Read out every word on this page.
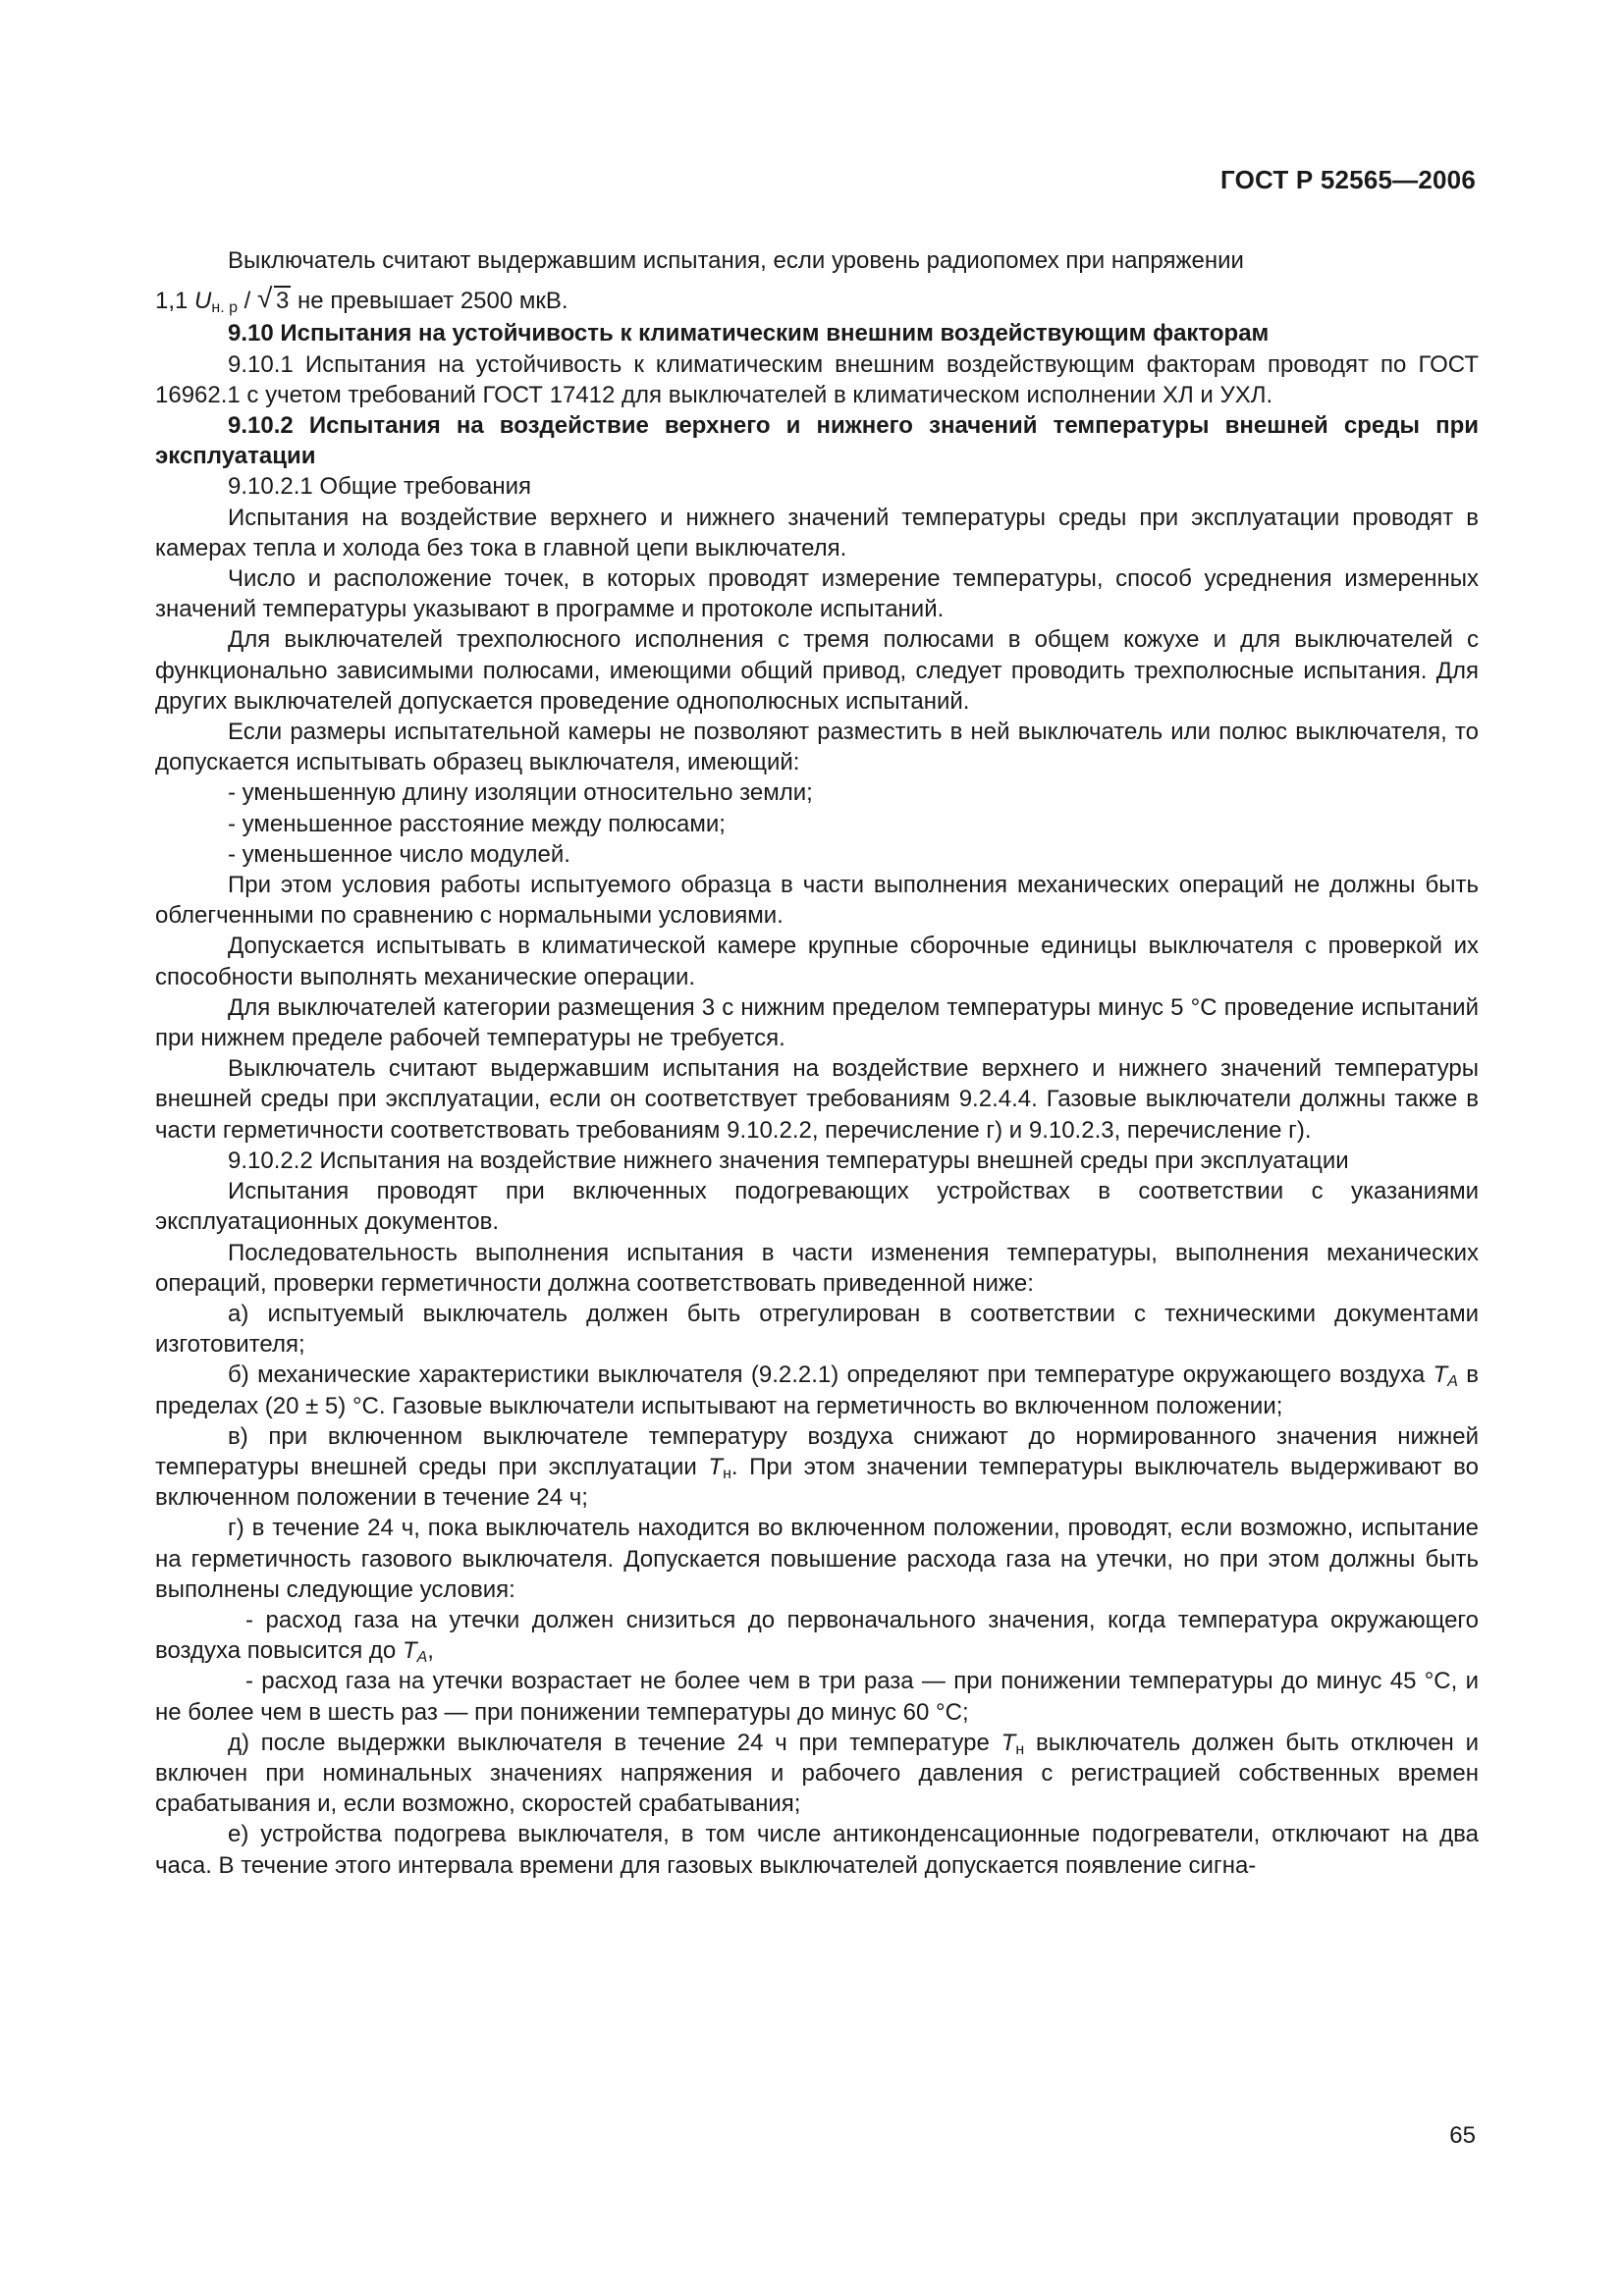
ГОСТ Р 52565—2006

Выключатель считают выдержавшим испытания, если уровень радиопомех при напряжении

1,1 $U_{н. р}$ / √ 3 не превышает 2500 мкВ.

9.10 Испытания на устойчивость к климатическим внешним воздействующим факторам

9.10.1 Испытания на устойчивость к климатическим внешним воздействующим факторам проводят по ГОСТ 16962.1 с учетом требований ГОСТ 17412 для выключателей в климатическом исполнении ХЛ и УХЛ.

9.10.2 Испытания на воздействие верхнего и нижнего значений температуры внешней среды при эксплуатации

9.10.2.1 Общие требования

Испытания на воздействие верхнего и нижнего значений температуры среды при эксплуатации проводят в камерах тепла и холода без тока в главной цепи выключателя.

Число и расположение точек, в которых проводят измерение температуры, способ усреднения измеренных значений температуры указывают в программе и протоколе испытаний.

Для выключателей трехполюсного исполнения с тремя полюсами в общем кожухе и для выключателей с функционально зависимыми полюсами, имеющими общий привод, следует проводить трехполюсные испытания. Для других выключателей допускается проведение однополюсных испытаний.

Если размеры испытательной камеры не позволяют разместить в ней выключатель или полюс выключателя, то допускается испытывать образец выключателя, имеющий:

- уменьшенную длину изоляции относительно земли;

- уменьшенное расстояние между полюсами;

- уменьшенное число модулей.

При этом условия работы испытуемого образца в части выполнения механических операций не должны быть облегченными по сравнению с нормальными условиями.

Допускается испытывать в климатической камере крупные сборочные единицы выключателя с проверкой их способности выполнять механические операции.

Для выключателей категории размещения 3 с нижним пределом температуры минус 5 °С проведение испытаний при нижнем пределе рабочей температуры не требуется.

Выключатель считают выдержавшим испытания на воздействие верхнего и нижнего значений температуры внешней среды при эксплуатации, если он соответствует требованиям 9.2.4.4. Газовые выключатели должны также в части герметичности соответствовать требованиям 9.10.2.2, перечисление г) и 9.10.2.3, перечисление г).

9.10.2.2 Испытания на воздействие нижнего значения температуры внешней среды при эксплуатации

Испытания проводят при включенных подогревающих устройствах в соответствии с указаниями эксплуатационных документов.

Последовательность выполнения испытания в части изменения температуры, выполнения механических операций, проверки герметичности должна соответствовать приведенной ниже:

а) испытуемый выключатель должен быть отрегулирован в соответствии с техническими документами изготовителя;

б) механические характеристики выключателя (9.2.2.1) определяют при температуре окружающего воздуха $T_A$ в пределах (20 ± 5) °С. Газовые выключатели испытывают на герметичность во включенном положении;

в) при включенном выключателе температуру воздуха снижают до нормированного значения нижней температуры внешней среды при эксплуатации $T_н$. При этом значении температуры выключатель выдерживают во включенном положении в течение 24 ч;

г) в течение 24 ч, пока выключатель находится во включенном положении, проводят, если возможно, испытание на герметичность газового выключателя. Допускается повышение расхода газа на утечки, но при этом должны быть выполнены следующие условия:

- расход газа на утечки должен снизиться до первоначального значения, когда температура окружающего воздуха повысится до $T_A$,

- расход газа на утечки возрастает не более чем в три раза — при понижении температуры до минус 45 °С, и не более чем в шесть раз — при понижении температуры до минус 60 °С;

д) после выдержки выключателя в течение 24 ч при температуре $T_н$ выключатель должен быть отключен и включен при номинальных значениях напряжения и рабочего давления с регистрацией собственных времен срабатывания и, если возможно, скоростей срабатывания;

е) устройства подогрева выключателя, в том числе антиконденсационные подогреватели, отключают на два часа. В течение этого интервала времени для газовых выключателей допускается появление сигна-

65
